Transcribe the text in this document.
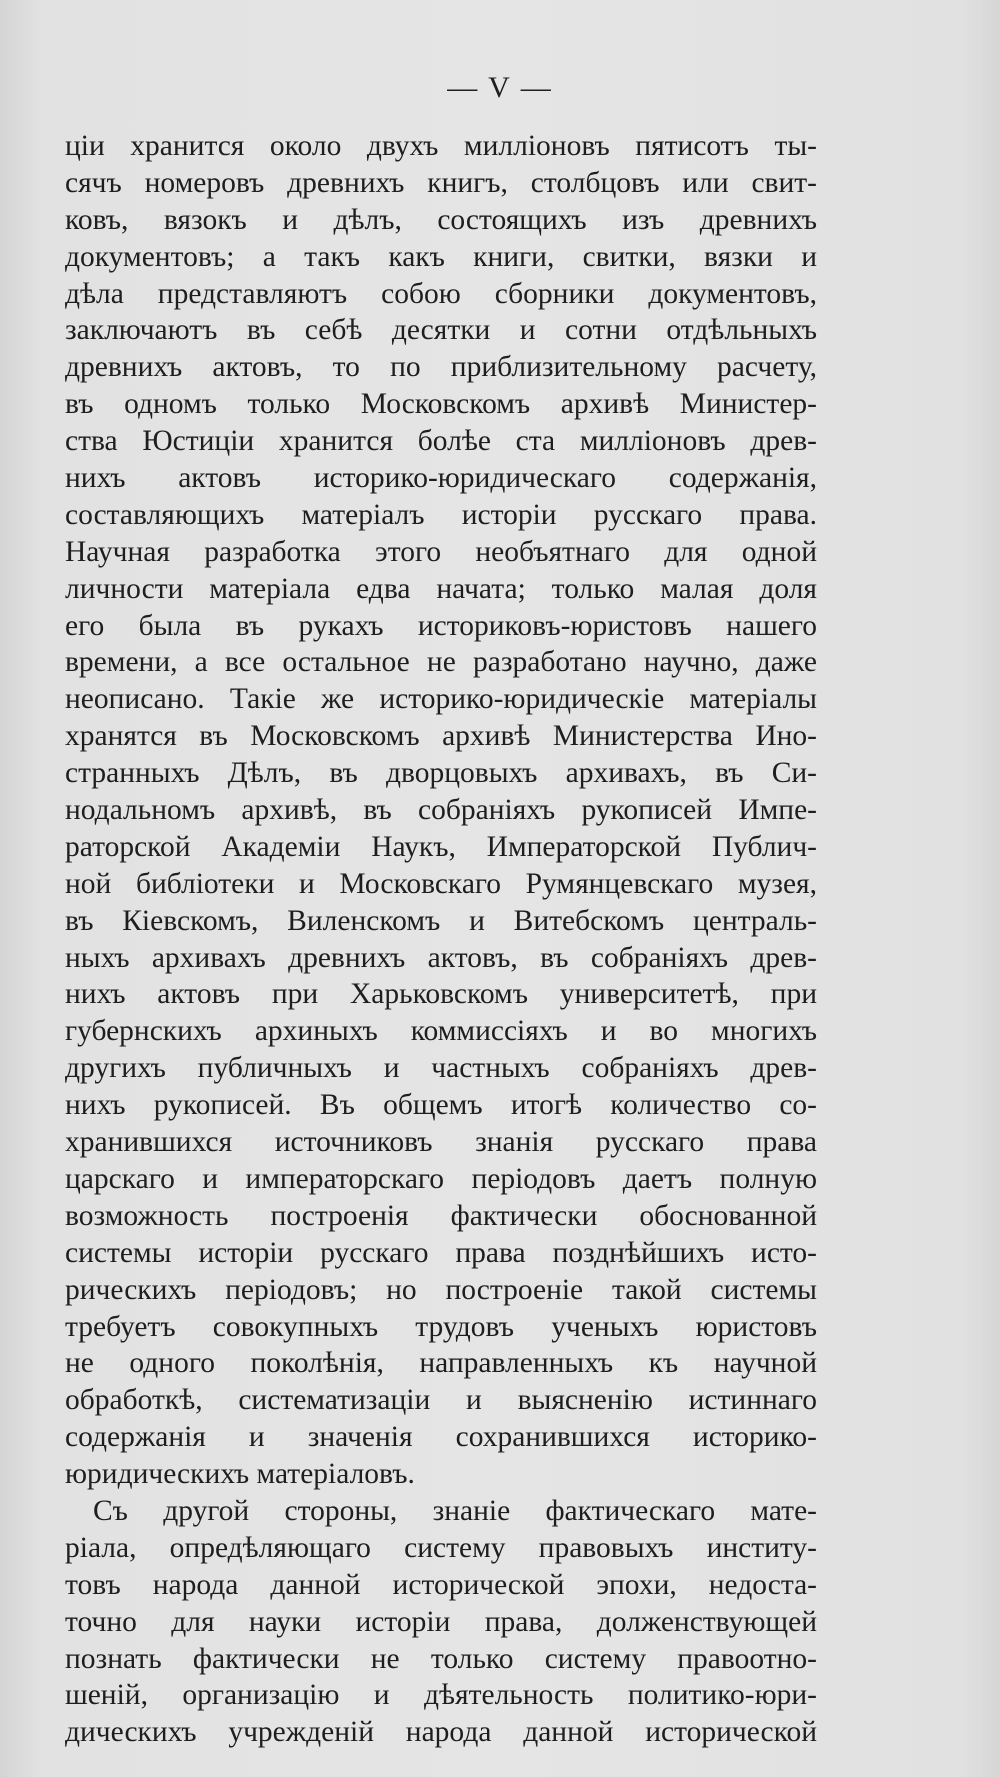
— V —
ціи хранится около двухъ милліоновъ пятисотъ ты-
сячъ номеровъ древнихъ книгъ, столбцовъ или свит-
ковъ, вязокъ и дѣлъ, состоящихъ изъ древнихъ
документовъ; а такъ какъ книги, свитки, вязки и
дѣла представляютъ собою сборники документовъ,
заключаютъ въ себѣ десятки и сотни отдѣльныхъ
древнихъ актовъ, то по приблизительному расчету,
въ одномъ только Московскомъ архивѣ Министер-
ства Юстиціи хранится болѣе ста милліоновъ древ-
нихъ актовъ историко-юридическаго содержанія,
составляющихъ матеріалъ исторіи русскаго права.
Научная разработка этого необъятнаго для одной
личности матеріала едва начата; только малая доля
его была въ рукахъ историковъ-юристовъ нашего
времени, а все остальное не разработано научно, даже
неописано. Такіе же историко-юридическіе матеріалы
хранятся въ Московскомъ архивѣ Министерства Ино-
странныхъ Дѣлъ, въ дворцовыхъ архивахъ, въ Си-
нодальномъ архивѣ, въ собраніяхъ рукописей Импе-
раторской Академіи Наукъ, Императорской Публич-
ной библіотеки и Московскаго Румянцевскаго музея,
въ Кіевскомъ, Виленскомъ и Витебскомъ централь-
ныхъ архивахъ древнихъ актовъ, въ собраніяхъ древ-
нихъ актовъ при Харьковскомъ университетѣ, при
губернскихъ архиныхъ коммиссіяхъ и во многихъ
другихъ публичныхъ и частныхъ собраніяхъ древ-
нихъ рукописей. Въ общемъ итогѣ количество со-
хранившихся источниковъ знанія русскаго права
царскаго и императорскаго періодовъ даетъ полную
возможность построенія фактически обоснованной
системы исторіи русскаго права позднѣйшихъ исто-
рическихъ періодовъ; но построеніе такой системы
требуетъ совокупныхъ трудовъ ученыхъ юристовъ
не одного поколѣнія, направленныхъ къ научной
обработкѣ, систематизаціи и выясненію истиннаго
содержанія и значенія сохранившихся историко-
юридическихъ матеріаловъ.
Съ другой стороны, знаніе фактическаго мате-
ріала, опредѣляющаго систему правовыхъ институ-
товъ народа данной исторической эпохи, недоста-
точно для науки исторіи права, долженствующей
познать фактически не только систему правоотно-
шеній, организацію и дѣятельность политико-юри-
дическихъ учрежденій народа данной исторической
